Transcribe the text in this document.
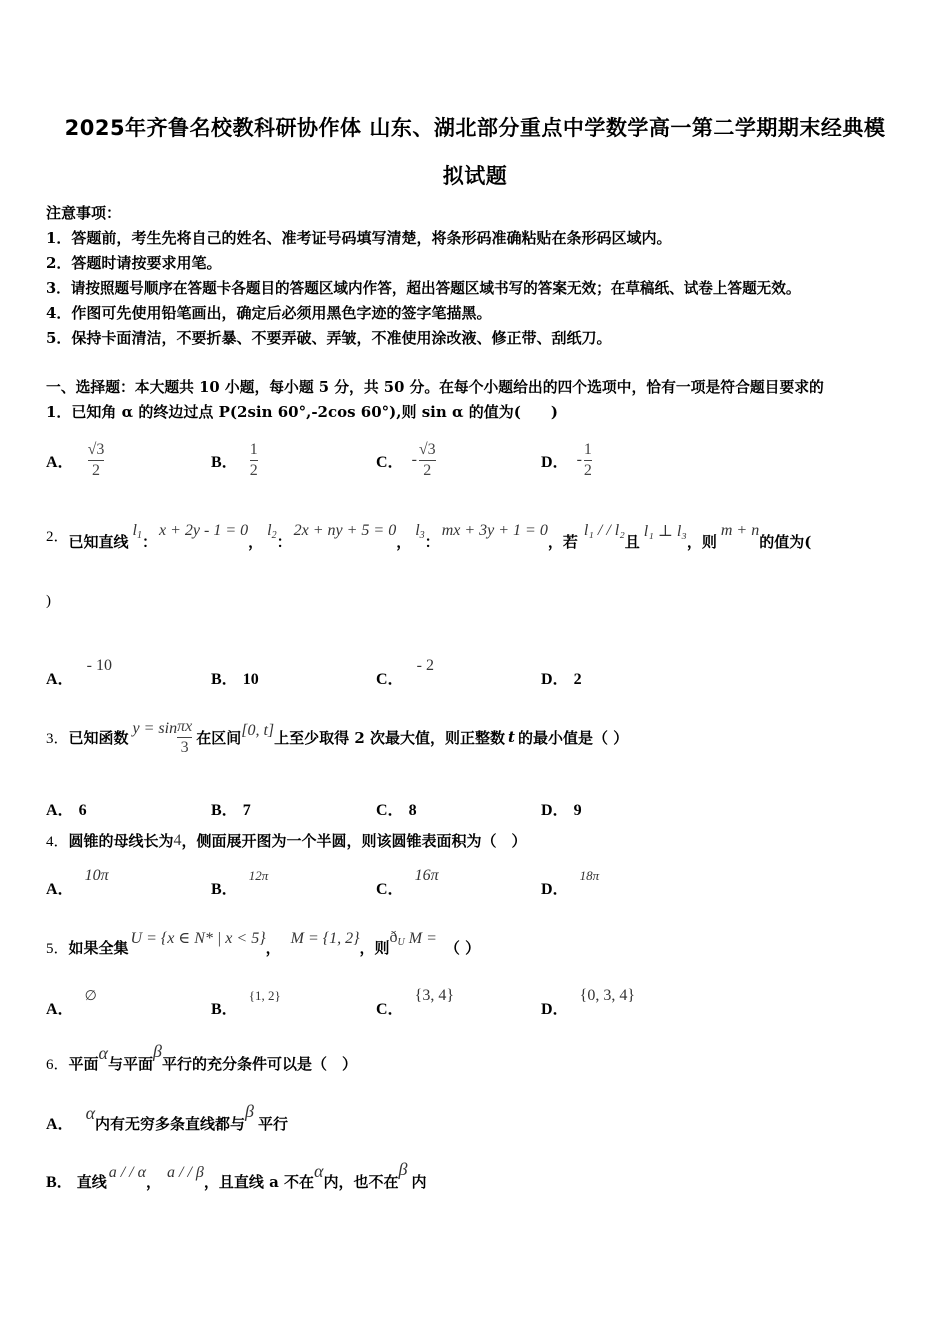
2025年齐鲁名校教科研协作体 山东、湖北部分重点中学数学高一第二学期期末经典模
拟试题
注意事项：
1．答题前，考生先将自己的姓名、准考证号码填写清楚，将条形码准确粘贴在条形码区域内。
2．答题时请按要求用笔。
3．请按照题号顺序在答题卡各题目的答题区域内作答，超出答题区域书写的答案无效；在草稿纸、试卷上答题无效。
4．作图可先使用铅笔画出，确定后必须用黑色字迹的签字笔描黑。
5．保持卡面清洁，不要折暴、不要弄破、弄皱，不准使用涂改液、修正带、刮纸刀。
一、选择题：本大题共 10 小题，每小题 5 分，共 50 分。在每个小题给出的四个选项中，恰有一项是符合题目要求的
1．已知角 α 的终边过点 P(2sin 60°,-2cos 60°),则 sin α 的值为(　　)
A． $\frac{√3}{2}$	B． $\frac{1}{2}$	C． - $\frac{√3}{2}$	D． - $\frac{1}{2}$
2． 已知直线
$l_1$ ：
x + 2y - 1 = 0
，
$l_2$ ：
2x + ny + 5 = 0
，
$l_3$ ：
mx + 3y + 1 = 0
，若
l₁ / / l₂
且
l₁ ⊥ l₃
，则
m + n
的值为(
)
A． - 10
B． 10	C． - 2
D． 2
3． 已知函数 $y = \sin \frac{\pi x}{3}$ 在区间 [0, t] 上至少取得 2 次最大值，则正整数 t 的最小值是（ ）
A． 6	B． 7	C． 8	D． 9
4． 圆锥的母线长为 4 ，侧面展开图为一个半圆，则该圆锥表面积为（　）
A． 10π
B． 12π
C． 16π
D． 18π
5． 如果全集
U = {x ∈ N* | x < 5}
，
M = {1, 2}
，则
$ð_U$ M =
（ ）
A． ∅
B． {1, 2}
C． {3, 4}
D． {0, 3, 4}
6． 平面
α
与平面
β
平行的充分条件可以是（　）
A．
α
内有无穷多条直线都与
β
平行
B． 直线
a / / α
，
a / / β
，且直线 a 不在
α
内，也不在
β
内
